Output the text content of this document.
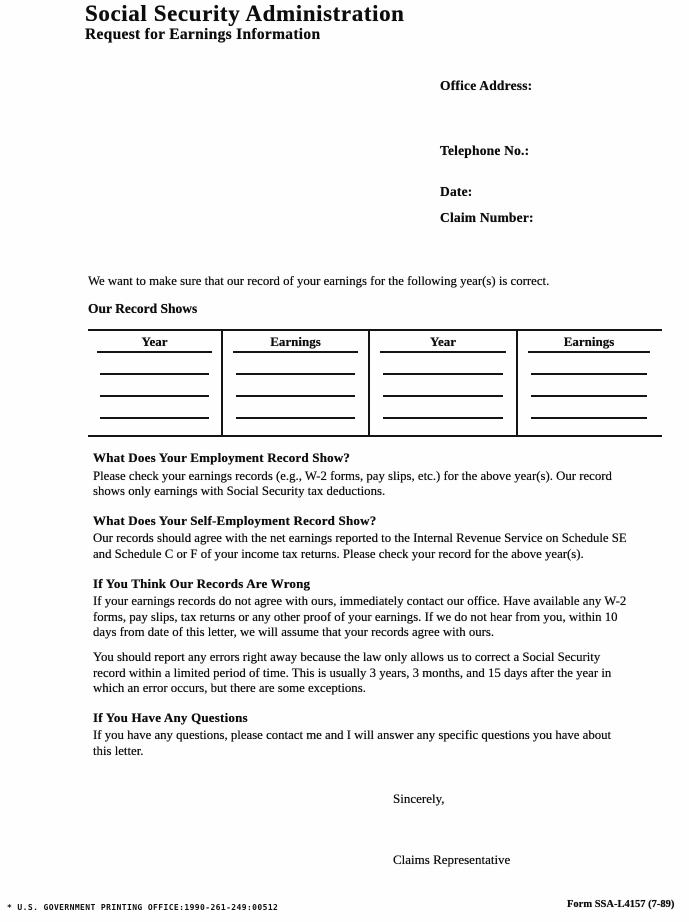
Social Security Administration
Request for Earnings Information
Office Address:
Telephone No.:
Date:
Claim Number:
We want to make sure that our record of your earnings for the following year(s) is correct.
Our Record Shows
Year	Earnings	Year	Earnings
What Does Your Employment Record Show?

Please check your earnings records (e.g., W-2 forms, pay slips, etc.) for the above year(s). Our record shows only earnings with Social Security tax deductions.

What Does Your Self-Employment Record Show?

Our records should agree with the net earnings reported to the Internal Revenue Service on Schedule SE and Schedule C or F of your income tax returns. Please check your record for the above year(s).

If You Think Our Records Are Wrong

If your earnings records do not agree with ours, immediately contact our office. Have available any W-2 forms, pay slips, tax returns or any other proof of your earnings. If we do not hear from you, within 10 days from date of this letter, we will assume that your records agree with ours.

You should report any errors right away because the law only allows us to correct a Social Security record within a limited period of time. This is usually 3 years, 3 months, and 15 days after the year in which an error occurs, but there are some exceptions.

If You Have Any Questions

If you have any questions, please contact me and I will answer any specific questions you have about this letter.

Sincerely,
Claims Representative
* U.S. GOVERNMENT PRINTING OFFICE:1990-261-249:00512	Form SSA-L4157 (7-89)
